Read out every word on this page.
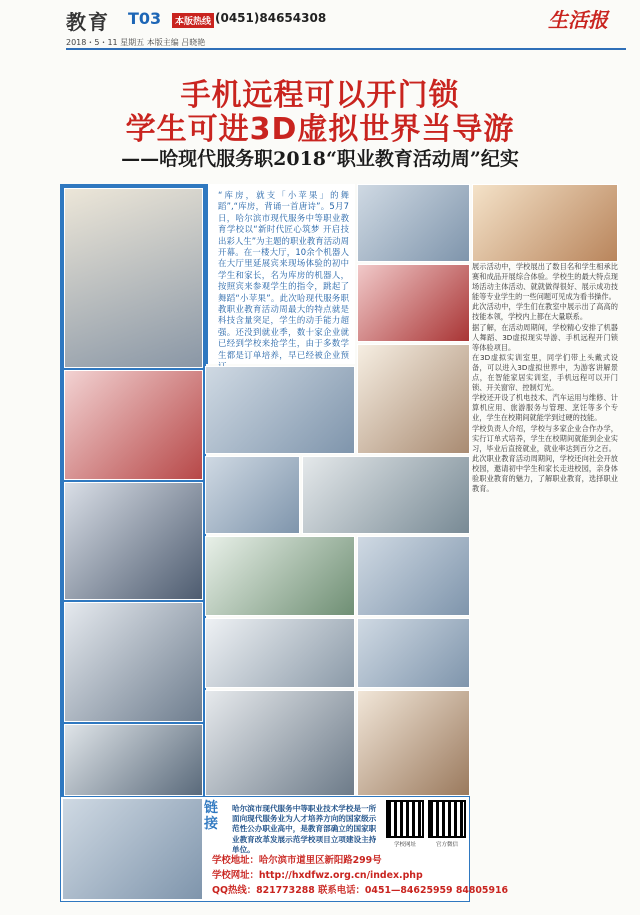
教育 T03	本版热线 (0451)84654308	生活报
2018・5・11 星期五 本版主编 吕晓艳
手机远程可以开门锁
学生可进3D虚拟世界当导游
——哈现代服务职2018“职业教育活动周”纪实
“库房，就支「小苹果」的舞蹈”,“库房，背诵一首唐诗”。5月7日，哈尔滨市现代服务中等职业教育学校以“新时代匠心筑梦 开启技出彩人生”为主题的职业教育活动周开幕。在一楼大厅，10余个机器人在大厅里延展宾来现场体验的初中学生和家长，名为库房的机器人，按照宾来参观学生的指令，跳起了舞蹈“小苹果”。此次哈现代服务职教职业教育活动周最大的特点就是科技含量突足，学生的动手能力超强。还没到就业季，数十家企业就已经到学校来抢学生，由于多数学生都是订单培养，早已经被企业预
展示活动中，学校展出了数目名和学生相承比赛和成品开展综合体验。学校生的最大特点现场活动主体活动、就就做得很好、展示成功技能等专业学生的一些问题可见成为看书操作。
此次活动中，学生们在教室中展示出了高高的技能本领，学校内上都在大量联系。
据了解，在活动周期间，学校精心安排了机器人舞蹈、3D虚拟现实导游、手机远程开门锁等体验项目。
在3D虚拟实训室里，同学们带上头戴式设备，可以进入3D虚拟世界中，为游客讲解景点，在智能家居实训室，手机远程可以开门锁、开关窗帘、控制灯光。
学校还开设了机电技术、汽车运用与维修、计算机应用、旅游服务与管理、烹饪等多个专业，学生在校期间就能学到过硬的技能。
学校负责人介绍，学校与多家企业合作办学，实行订单式培养，学生在校期间就能到企业实习，毕业后直接就业，就业率达到百分之百。
此次职业教育活动周期间，学校还向社会开放校园，邀请初中学生和家长走进校园，亲身体验职业教育的魅力，了解职业教育，选择职业教育。
链接
哈尔滨市现代服务中等职业技术学校是一所面向现代服务业为人才培养方向的国家级示范性公办职业高中，是教育部确立的国家职业教育改革发展示范学校项目立项建设主持单位。	学校网址	官方微信
学校地址：哈尔滨市道里区新阳路299号
学校网址：http://hxdfwz.org.cn/index.php
QQ热线：821773288 联系电话：0451—84625959 84805916
